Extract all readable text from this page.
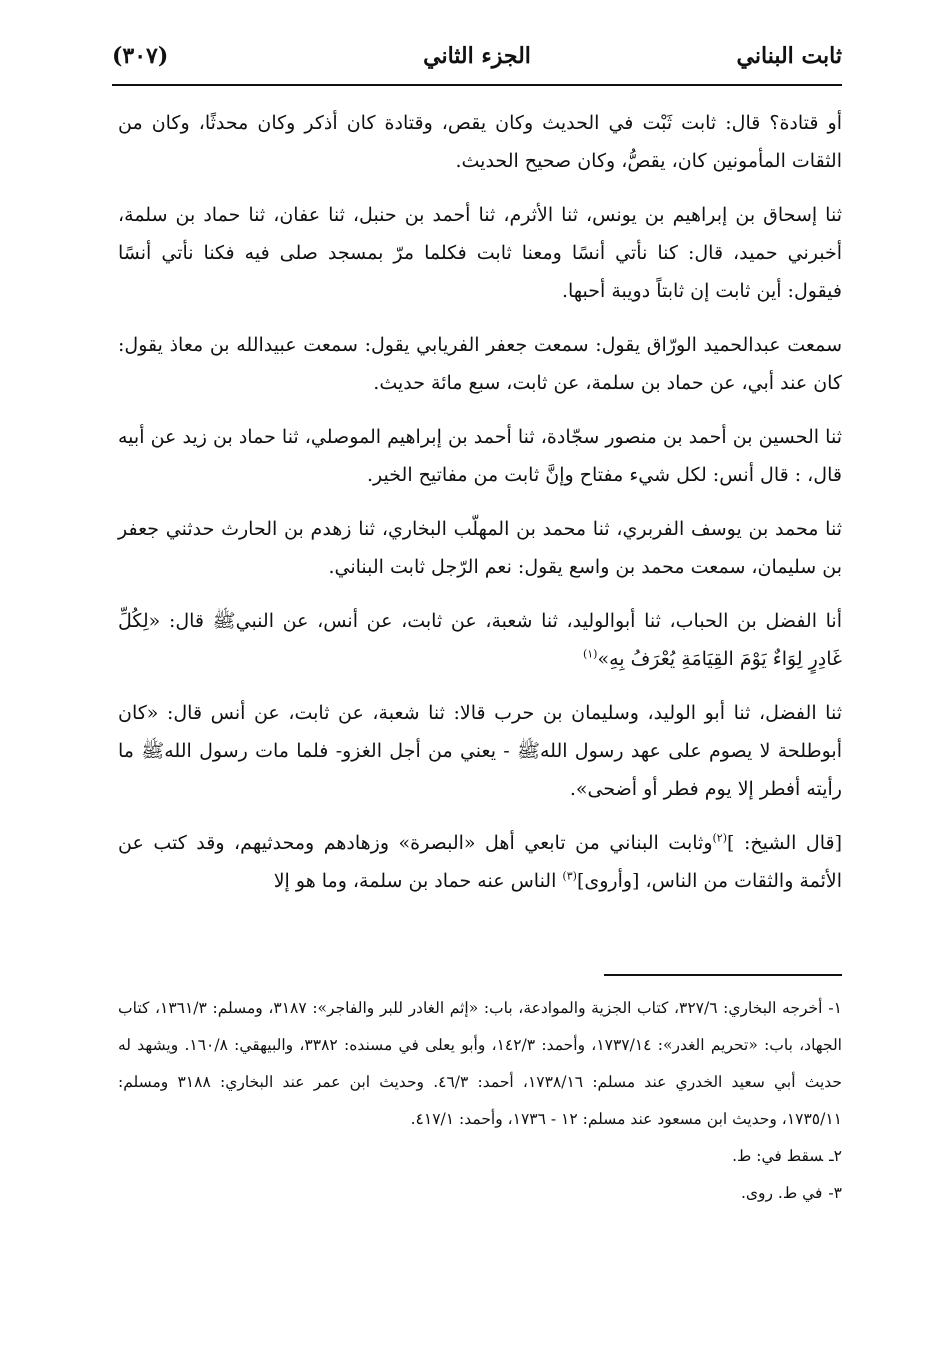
ثابت البناني
الجزء الثاني
(٣٠٧)

أو قتادة؟ قال: ثابت ثَبْت في الحديث وكان يقص، وقتادة كان أذكر وكان محدثًا، وكان من الثقات المأمونين كان، يقصُّ، وكان صحيح الحديث.

ثنا إسحاق بن إبراهيم بن يونس، ثنا الأثرم، ثنا أحمد بن حنبل، ثنا عفان، ثنا حماد بن سلمة، أخبرني حميد، قال: كنا نأتي أنسًا ومعنا ثابت فكلما مرّ بمسجد صلى فيه فكنا نأتي أنسًا فيقول: أين ثابت إن ثابتاً دويبة أحبها.

سمعت عبدالحميد الورّاق يقول: سمعت جعفر الفريابي يقول: سمعت عبيدالله بن معاذ يقول: كان عند أبي، عن حماد بن سلمة، عن ثابت، سبع مائة حديث.

ثنا الحسين بن أحمد بن منصور سجّادة، ثنا أحمد بن إبراهيم الموصلي، ثنا حماد بن زيد عن أبيه قال، : قال أنس: لكل شيء مفتاح وإنَّ ثابت من مفاتيح الخير.

ثنا محمد بن يوسف الفربري، ثنا محمد بن المهلّب البخاري، ثنا زهدم بن الحارث حدثني جعفر بن سليمان، سمعت محمد بن واسع يقول: نعم الرّجل ثابت البناني.

أنا الفضل بن الحباب، ثنا أبوالوليد، ثنا شعبة، عن ثابت، عن أنس، عن النبيﷺ قال: «لِكُلِّ غَادِرٍ لِوَاءٌ يَوْمَ القِيَامَةِ يُعْرَفُ بِهِ»$^{(١)}$

ثنا الفضل، ثنا أبو الوليد، وسليمان بن حرب قالا: ثنا شعبة، عن ثابت، عن أنس قال: «كان أبوطلحة لا يصوم على عهد رسول اللهﷺ - يعني من أجل الغزو- فلما مات رسول اللهﷺ ما رأيته أفطر إلا يوم فطر أو أضحى».

[قال الشيخ: ]$^{(٢)}$وثابت البناني من تابعي أهل «البصرة» وزهادهم ومحدثيهم، وقد كتب عن الأئمة والثقات من الناس، [وأروى]$^{(٣)}$ الناس عنه حماد بن سلمة، وما هو إلا

١-أخرجه البخاري: ٣٢٧/٦، كتاب الجزية والموادعة، باب: «إثم الغادر للبر والفاجر»: ٣١٨٧، ومسلم: ١٣٦١/٣، كتاب الجهاد، باب: «تحريم الغدر»: ١٧٣٧/١٤، وأحمد: ١٤٢/٣، وأبو يعلى في مسنده: ٣٣٨٢، والبيهقي: ١٦٠/٨. ويشهد له حديث أبي سعيد الخدري عند مسلم: ١٧٣٨/١٦، أحمد: ٤٦/٣. وحديث ابن عمر عند البخاري: ٣١٨٨ ومسلم: ١٧٣٥/١١، وحديث ابن مسعود عند مسلم: ١٢ - ١٧٣٦، وأحمد: ٤١٧/١.

٢ـسقط في: ط.

٣-في ط. روى.
